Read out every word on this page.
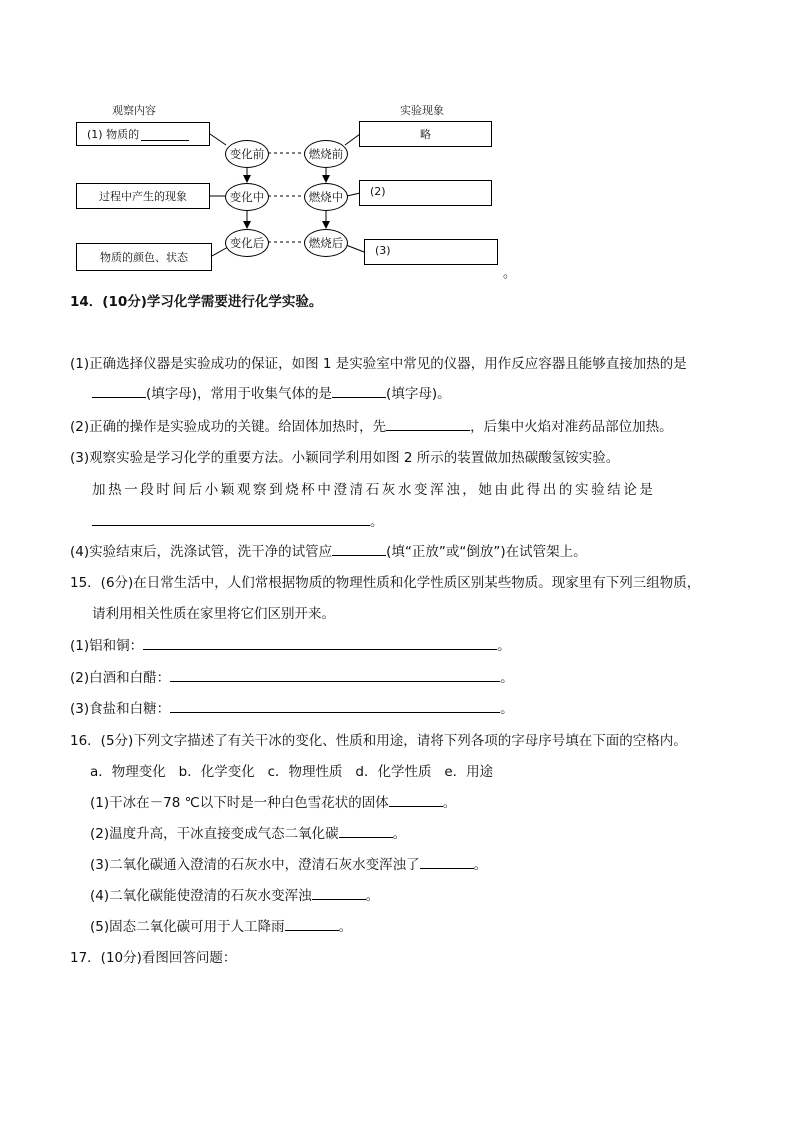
观察内容	实验现象
(1) 物质的
过程中产生的现象
物质的颜色、状态
变化前
变化中
变化后
燃烧前
燃烧中
燃烧后
略
(2)
(3)
。
14．(10分)学习化学需要进行化学实验。
(1)正确选择仪器是实验成功的保证，如图 1 是实验室中常见的仪器，用作反应容器且能够直接加热的是
(填字母)，常用于收集气体的是	(填字母)。
(2)正确的操作是实验成功的关键。给固体加热时，先	，后集中火焰对准药品部位加热。
(3)观察实验是学习化学的重要方法。小颖同学利用如图 2 所示的装置做加热碳酸氢铵实验。
加热一段时间后小颖观察到烧杯中澄清石灰水变浑浊，她由此得出的实验结论是
。
(4)实验结束后，洗涤试管，洗干净的试管应	(填“正放”或“倒放”)在试管架上。
15．(6分)在日常生活中，人们常根据物质的物理性质和化学性质区别某些物质。现家里有下列三组物质，
请利用相关性质在家里将它们区别开来。
(1)铝和铜：	。
(2)白酒和白醋：	。
(3)食盐和白糖：	。
16．(5分)下列文字描述了有关干冰的变化、性质和用途，请将下列各项的字母序号填在下面的空格内。
a．物理变化   b．化学变化   c．物理性质   d．化学性质   e．用途
(1)干冰在－78 ℃以下时是一种白色雪花状的固体	。
(2)温度升高，干冰直接变成气态二氧化碳	。
(3)二氧化碳通入澄清的石灰水中，澄清石灰水变浑浊了	。
(4)二氧化碳能使澄清的石灰水变浑浊	。
(5)固态二氧化碳可用于人工降雨	。
17．(10分)看图回答问题：
